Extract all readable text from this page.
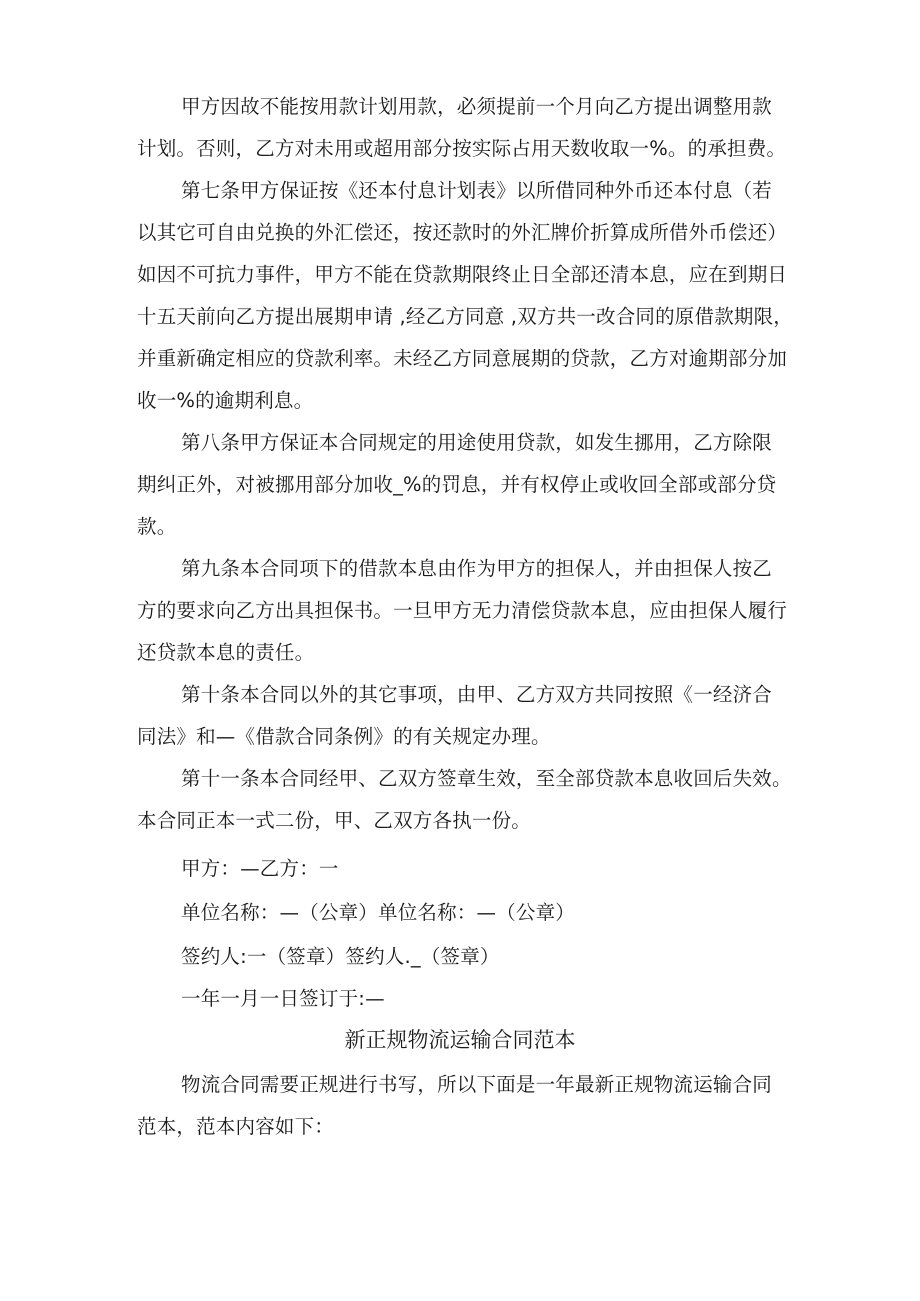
甲方因故不能按用款计划用款，必须提前一个月向乙方提出调整用款
计划。否则，乙方对未用或超用部分按实际占用天数收取一%。的承担费。
第七条甲方保证按《还本付息计划表》以所借同种外币还本付息（若
以其它可自由兑换的外汇偿还，按还款时的外汇牌价折算成所借外币偿还）
如因不可抗力事件，甲方不能在贷款期限终止日全部还清本息，应在到期日
十五天前向乙方提出展期申请 ,经乙方同意 ,双方共一改合同的原借款期限，
并重新确定相应的贷款利率。未经乙方同意展期的贷款，乙方对逾期部分加
收一%的逾期利息。
第八条甲方保证本合同规定的用途使用贷款，如发生挪用，乙方除限
期纠正外，对被挪用部分加收_%的罚息，并有权停止或收回全部或部分贷
款。
第九条本合同项下的借款本息由作为甲方的担保人，并由担保人按乙
方的要求向乙方出具担保书。一旦甲方无力清偿贷款本息，应由担保人履行
还贷款本息的责任。
第十条本合同以外的其它事项，由甲、乙方双方共同按照《一经济合
同法》和—《借款合同条例》的有关规定办理。
第十一条本合同经甲、乙双方签章生效，至全部贷款本息收回后失效。
本合同正本一式二份，甲、乙双方各执一份。
甲方：—乙方：一
单位名称：—（公章）单位名称：—（公章）
签约人:一（签章）签约人._（签章）
一年一月一日签订于:—
新正规物流运输合同范本
物流合同需要正规进行书写，所以下面是一年最新正规物流运输合同
范本，范本内容如下：
